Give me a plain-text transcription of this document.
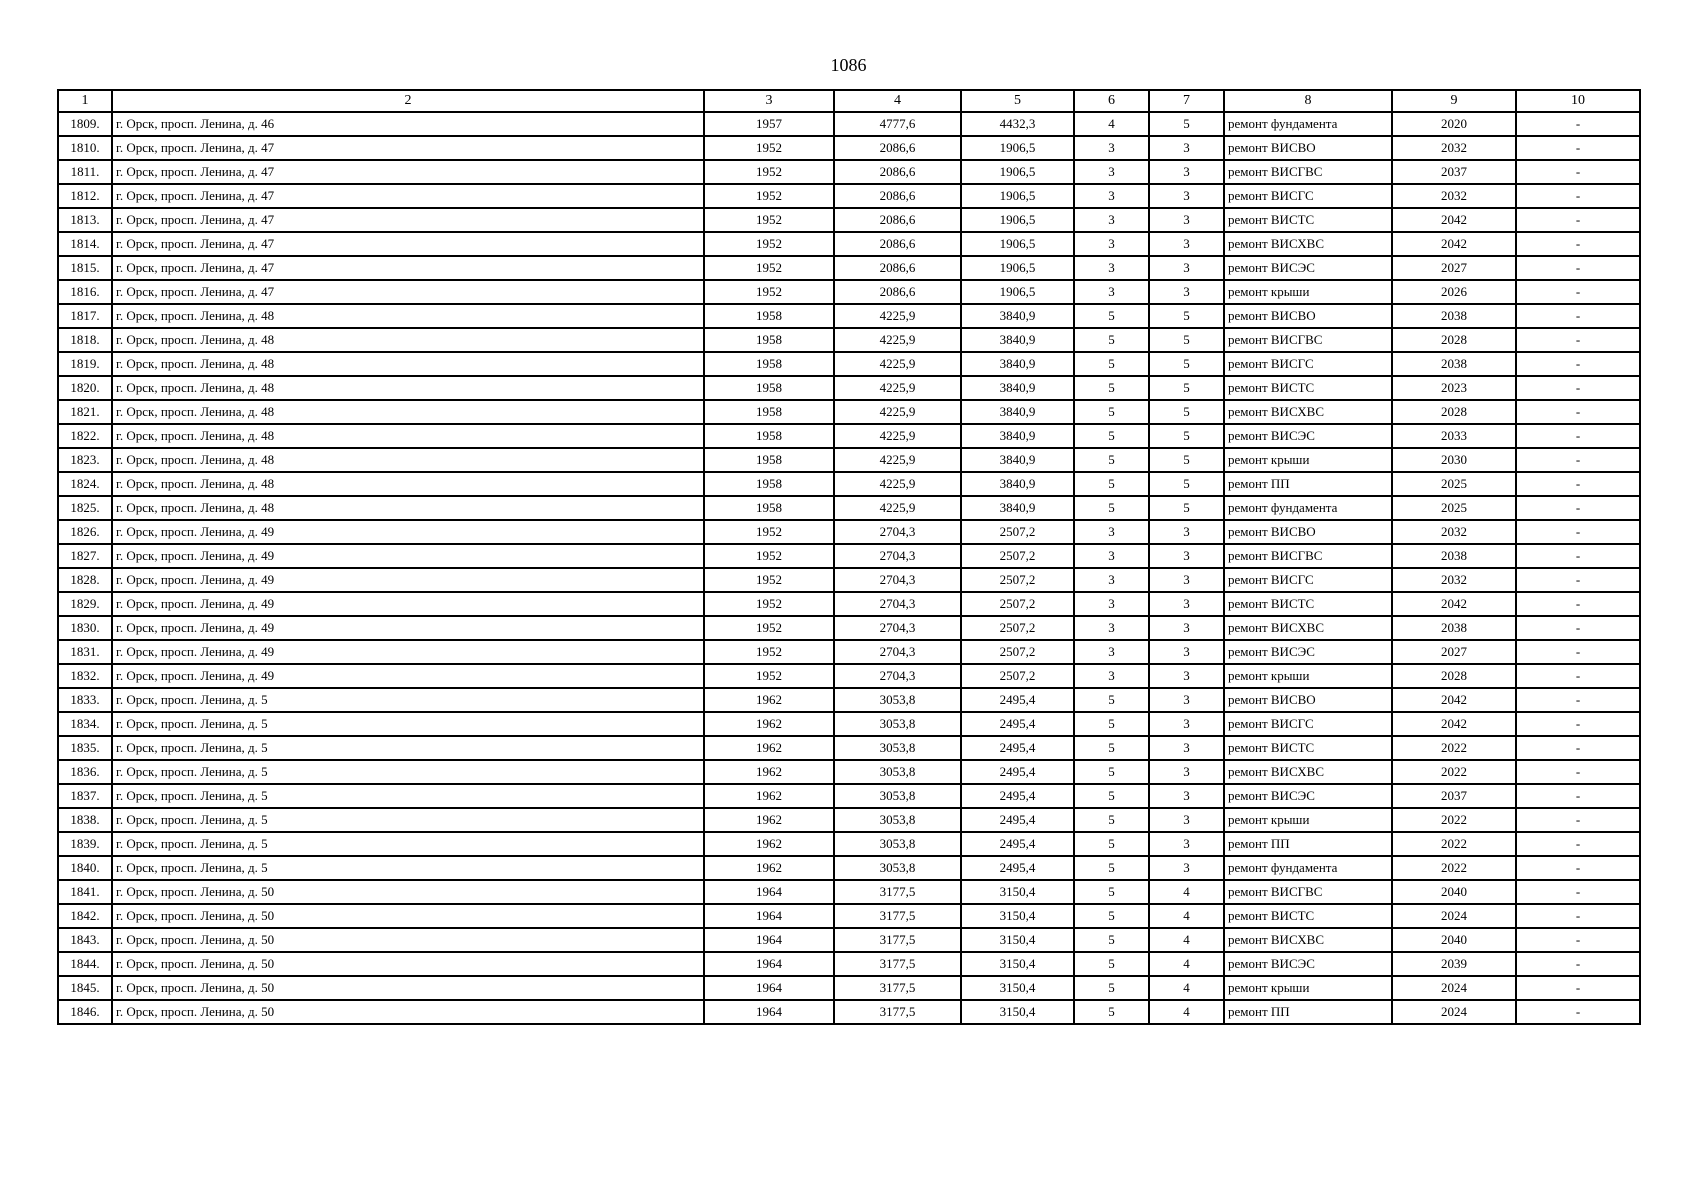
1086
1	2	3	4	5	6	7	8	9	10
1809.	г. Орск, просп. Ленина, д. 46	1957	4777,6	4432,3	4	5	ремонт фундамента	2020	-
1810.	г. Орск, просп. Ленина, д. 47	1952	2086,6	1906,5	3	3	ремонт ВИСВО	2032	-
1811.	г. Орск, просп. Ленина, д. 47	1952	2086,6	1906,5	3	3	ремонт ВИСГВС	2037	-
1812.	г. Орск, просп. Ленина, д. 47	1952	2086,6	1906,5	3	3	ремонт ВИСГС	2032	-
1813.	г. Орск, просп. Ленина, д. 47	1952	2086,6	1906,5	3	3	ремонт ВИСТС	2042	-
1814.	г. Орск, просп. Ленина, д. 47	1952	2086,6	1906,5	3	3	ремонт ВИСХВС	2042	-
1815.	г. Орск, просп. Ленина, д. 47	1952	2086,6	1906,5	3	3	ремонт ВИСЭС	2027	-
1816.	г. Орск, просп. Ленина, д. 47	1952	2086,6	1906,5	3	3	ремонт крыши	2026	-
1817.	г. Орск, просп. Ленина, д. 48	1958	4225,9	3840,9	5	5	ремонт ВИСВО	2038	-
1818.	г. Орск, просп. Ленина, д. 48	1958	4225,9	3840,9	5	5	ремонт ВИСГВС	2028	-
1819.	г. Орск, просп. Ленина, д. 48	1958	4225,9	3840,9	5	5	ремонт ВИСГС	2038	-
1820.	г. Орск, просп. Ленина, д. 48	1958	4225,9	3840,9	5	5	ремонт ВИСТС	2023	-
1821.	г. Орск, просп. Ленина, д. 48	1958	4225,9	3840,9	5	5	ремонт ВИСХВС	2028	-
1822.	г. Орск, просп. Ленина, д. 48	1958	4225,9	3840,9	5	5	ремонт ВИСЭС	2033	-
1823.	г. Орск, просп. Ленина, д. 48	1958	4225,9	3840,9	5	5	ремонт крыши	2030	-
1824.	г. Орск, просп. Ленина, д. 48	1958	4225,9	3840,9	5	5	ремонт ПП	2025	-
1825.	г. Орск, просп. Ленина, д. 48	1958	4225,9	3840,9	5	5	ремонт фундамента	2025	-
1826.	г. Орск, просп. Ленина, д. 49	1952	2704,3	2507,2	3	3	ремонт ВИСВО	2032	-
1827.	г. Орск, просп. Ленина, д. 49	1952	2704,3	2507,2	3	3	ремонт ВИСГВС	2038	-
1828.	г. Орск, просп. Ленина, д. 49	1952	2704,3	2507,2	3	3	ремонт ВИСГС	2032	-
1829.	г. Орск, просп. Ленина, д. 49	1952	2704,3	2507,2	3	3	ремонт ВИСТС	2042	-
1830.	г. Орск, просп. Ленина, д. 49	1952	2704,3	2507,2	3	3	ремонт ВИСХВС	2038	-
1831.	г. Орск, просп. Ленина, д. 49	1952	2704,3	2507,2	3	3	ремонт ВИСЭС	2027	-
1832.	г. Орск, просп. Ленина, д. 49	1952	2704,3	2507,2	3	3	ремонт крыши	2028	-
1833.	г. Орск, просп. Ленина, д. 5	1962	3053,8	2495,4	5	3	ремонт ВИСВО	2042	-
1834.	г. Орск, просп. Ленина, д. 5	1962	3053,8	2495,4	5	3	ремонт ВИСГС	2042	-
1835.	г. Орск, просп. Ленина, д. 5	1962	3053,8	2495,4	5	3	ремонт ВИСТС	2022	-
1836.	г. Орск, просп. Ленина, д. 5	1962	3053,8	2495,4	5	3	ремонт ВИСХВС	2022	-
1837.	г. Орск, просп. Ленина, д. 5	1962	3053,8	2495,4	5	3	ремонт ВИСЭС	2037	-
1838.	г. Орск, просп. Ленина, д. 5	1962	3053,8	2495,4	5	3	ремонт крыши	2022	-
1839.	г. Орск, просп. Ленина, д. 5	1962	3053,8	2495,4	5	3	ремонт ПП	2022	-
1840.	г. Орск, просп. Ленина, д. 5	1962	3053,8	2495,4	5	3	ремонт фундамента	2022	-
1841.	г. Орск, просп. Ленина, д. 50	1964	3177,5	3150,4	5	4	ремонт ВИСГВС	2040	-
1842.	г. Орск, просп. Ленина, д. 50	1964	3177,5	3150,4	5	4	ремонт ВИСТС	2024	-
1843.	г. Орск, просп. Ленина, д. 50	1964	3177,5	3150,4	5	4	ремонт ВИСХВС	2040	-
1844.	г. Орск, просп. Ленина, д. 50	1964	3177,5	3150,4	5	4	ремонт ВИСЭС	2039	-
1845.	г. Орск, просп. Ленина, д. 50	1964	3177,5	3150,4	5	4	ремонт крыши	2024	-
1846.	г. Орск, просп. Ленина, д. 50	1964	3177,5	3150,4	5	4	ремонт ПП	2024	-
